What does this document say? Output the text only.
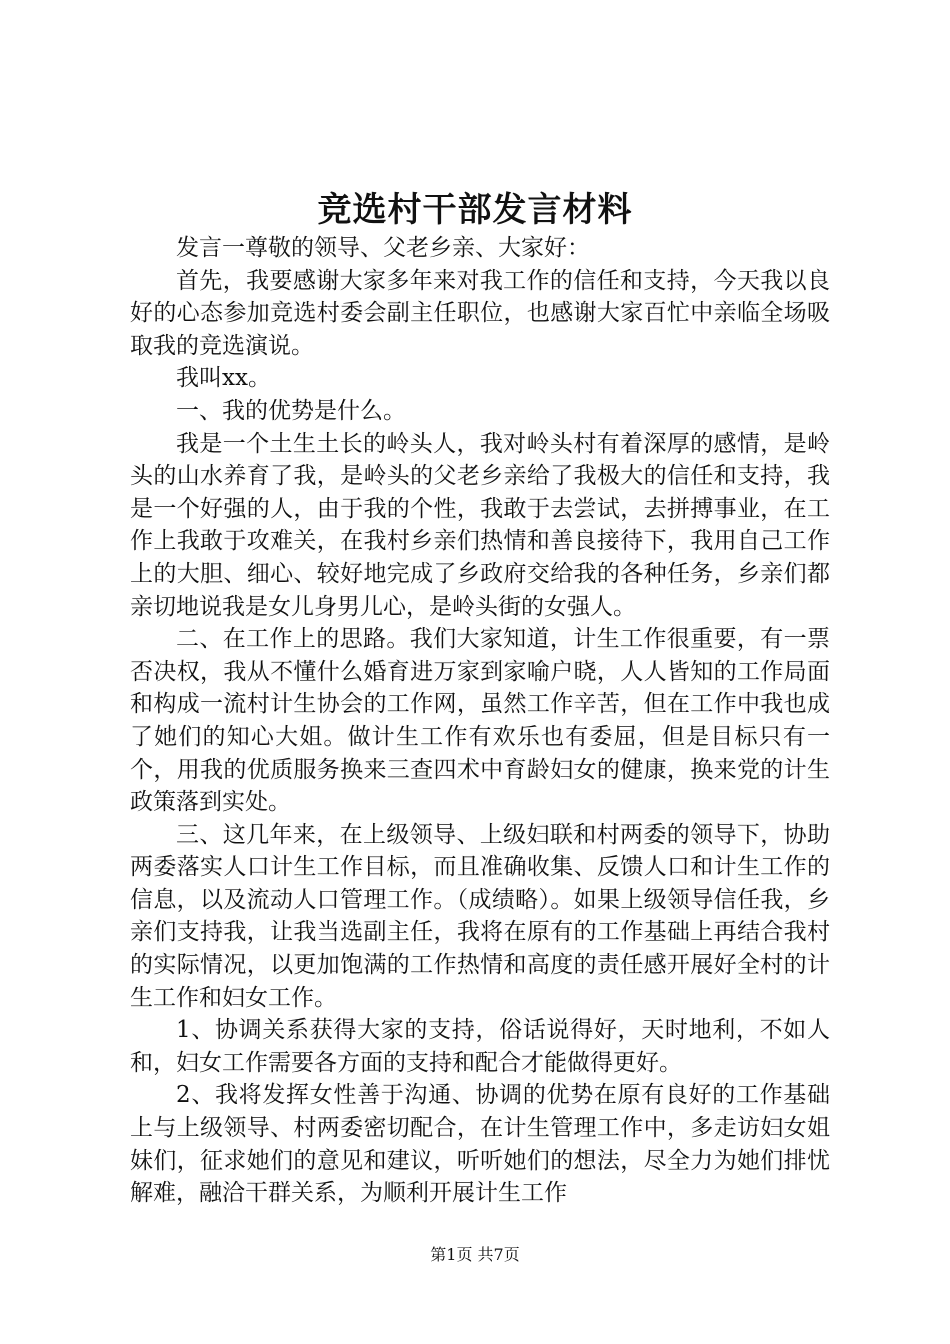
竞选村干部发言材料

发言一尊敬的领导、父老乡亲、大家好：

首先，我要感谢大家多年来对我工作的信任和支持，今天我以良好的心态参加竞选村委会副主任职位，也感谢大家百忙中亲临全场吸取我的竞选演说。

我叫xx。

一、我的优势是什么。

我是一个土生土长的岭头人，我对岭头村有着深厚的感情，是岭头的山水养育了我，是岭头的父老乡亲给了我极大的信任和支持，我是一个好强的人，由于我的个性，我敢于去尝试，去拼搏事业，在工作上我敢于攻难关，在我村乡亲们热情和善良接待下，我用自己工作上的大胆、细心、较好地完成了乡政府交给我的各种任务，乡亲们都亲切地说我是女儿身男儿心，是岭头街的女强人。

二、在工作上的思路。我们大家知道，计生工作很重要，有一票否决权，我从不懂什么婚育进万家到家喻户晓，人人皆知的工作局面和构成一流村计生协会的工作网，虽然工作辛苦，但在工作中我也成了她们的知心大姐。做计生工作有欢乐也有委屈，但是目标只有一个，用我的优质服务换来三查四术中育龄妇女的健康，换来党的计生政策落到实处。

三、这几年来，在上级领导、上级妇联和村两委的领导下，协助两委落实人口计生工作目标，而且准确收集、反馈人口和计生工作的信息，以及流动人口管理工作。（成绩略）。如果上级领导信任我，乡亲们支持我，让我当选副主任，我将在原有的工作基础上再结合我村的实际情况，以更加饱满的工作热情和高度的责任感开展好全村的计生工作和妇女工作。

1、协调关系获得大家的支持，俗话说得好，天时地利，不如人和，妇女工作需要各方面的支持和配合才能做得更好。

2、我将发挥女性善于沟通、协调的优势在原有良好的工作基础上与上级领导、村两委密切配合，在计生管理工作中，多走访妇女姐妹们，征求她们的意见和建议，听听她们的想法，尽全力为她们排忧解难，融洽干群关系，为顺利开展计生工作

第1页 共7页
